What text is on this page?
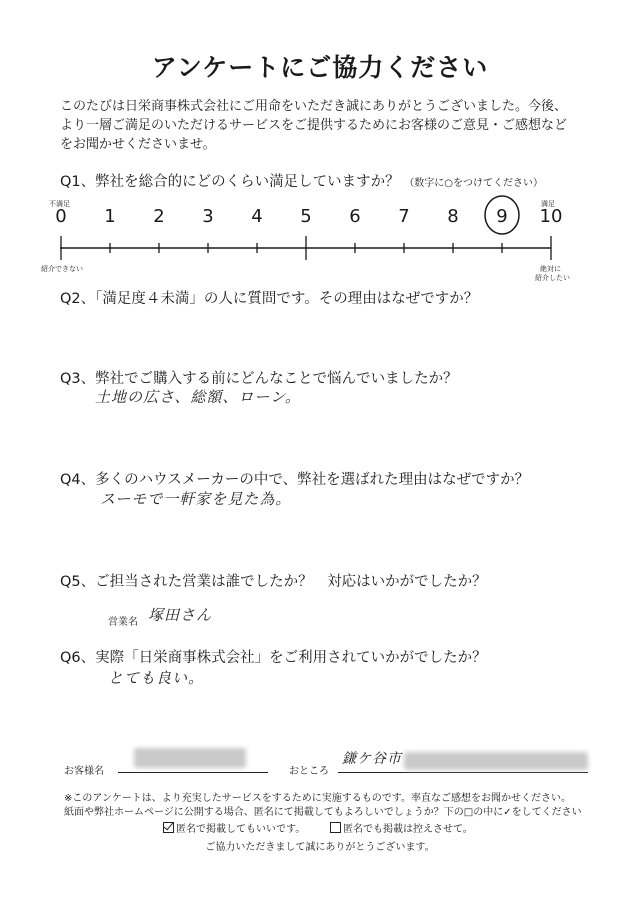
アンケートにご協力ください
このたびは日栄商事株式会社にご用命をいただき誠にありがとうございました。今後、
より一層ご満足のいただけるサービスをご提供するためにお客様のご意見・ご感想など
をお聞かせくださいませ。
Q1、弊社を総合的にどのくらい満足していますか？ （数字に○をつけてください）
不満足	満足
0	1	2	3	4	5	6	7	8	9	10
紹介できない	絶対に
紹介したい
Q2、「満足度４未満」の人に質問です。その理由はなぜですか？
Q3、弊社でご購入する前にどんなことで悩んでいましたか？
土地の広さ、総額、ローン。
Q4、多くのハウスメーカーの中で、弊社を選ばれた理由はなぜですか？
スーモで一軒家を見た為。
Q5、ご担当された営業は誰でしたか？　対応はいかがでしたか？
営業名 塚田さん
Q6、実際「日栄商事株式会社」をご利用されていかがでしたか？
とても良い。
お客様名	おところ
鎌ケ谷市
※このアンケートは、より充実したサービスをするために実施するものです。率直なご感想をお聞かせください。
紙面や弊社ホームページに公開する場合、匿名にて掲載してもよろしいでしょうか？下の□の中に✓をしてください
匿名で掲載してもいいです。	匿名でも掲載は控えさせて。
ご協力いただきまして誠にありがとうございます。
